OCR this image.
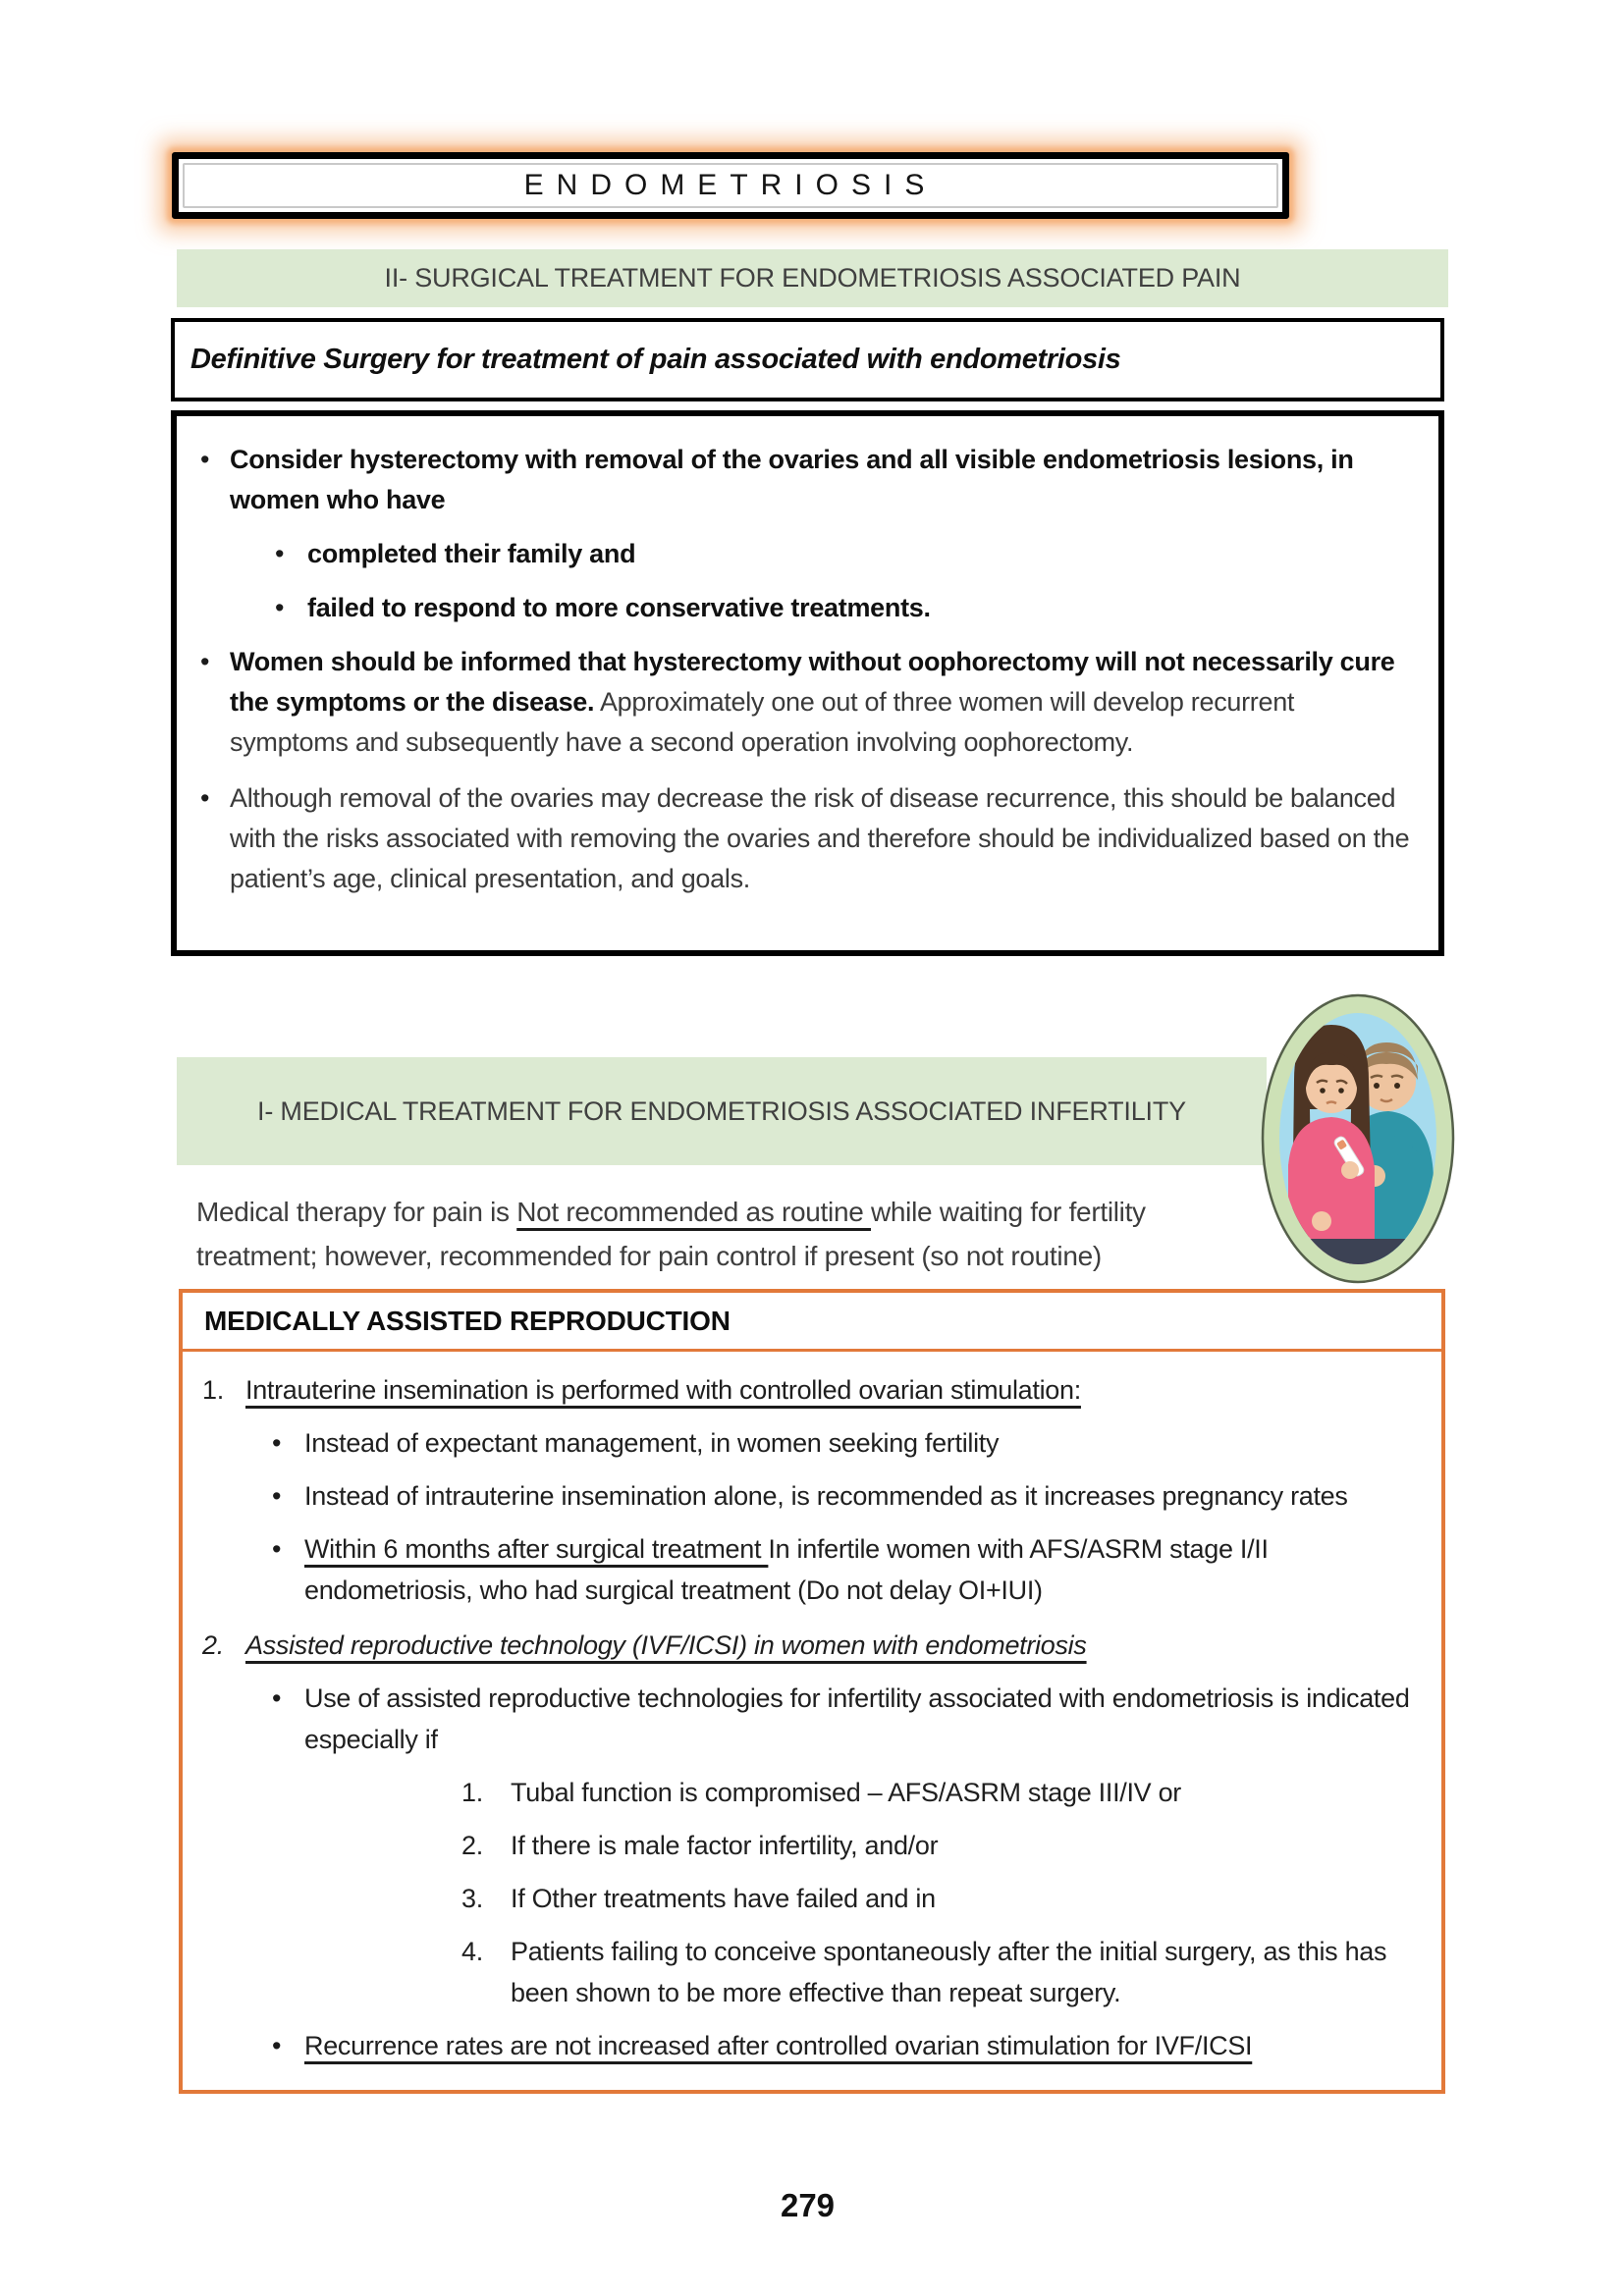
ENDOMETRIOSIS
II- SURGICAL TREATMENT FOR ENDOMETRIOSIS ASSOCIATED PAIN
Definitive Surgery for treatment of pain associated with endometriosis
• Consider hysterectomy with removal of the ovaries and all visible endometriosis lesions, in women who have
• completed their family and
• failed to respond to more conservative treatments.
• Women should be informed that hysterectomy without oophorectomy will not necessarily cure the symptoms or the disease. Approximately one out of three women will develop recurrent symptoms and subsequently have a second operation involving oophorectomy.
• Although removal of the ovaries may decrease the risk of disease recurrence, this should be balanced with the risks associated with removing the ovaries and therefore should be individualized based on the patient’s age, clinical presentation, and goals.
I- MEDICAL TREATMENT FOR ENDOMETRIOSIS ASSOCIATED INFERTILITY
Medical therapy for pain is Not recommended as routine while waiting for fertility treatment; however, recommended for pain control if present (so not routine)
MEDICALLY ASSISTED REPRODUCTION
1. Intrauterine insemination is performed with controlled ovarian stimulation:
• Instead of expectant management, in women seeking fertility
• Instead of intrauterine insemination alone, is recommended as it increases pregnancy rates
• Within 6 months after surgical treatment In infertile women with AFS/ASRM stage I/II endometriosis, who had surgical treatment (Do not delay OI+IUI)
2. Assisted reproductive technology (IVF/ICSI) in women with endometriosis
• Use of assisted reproductive technologies for infertility associated with endometriosis is indicated especially if
1.	Tubal function is compromised – AFS/ASRM stage III/IV or
2.	If there is male factor infertility, and/or
3.	If Other treatments have failed and in
4.	Patients failing to conceive spontaneously after the initial surgery, as this has been shown to be more effective than repeat surgery.
• Recurrence rates are not increased after controlled ovarian stimulation for IVF/ICSI
279
